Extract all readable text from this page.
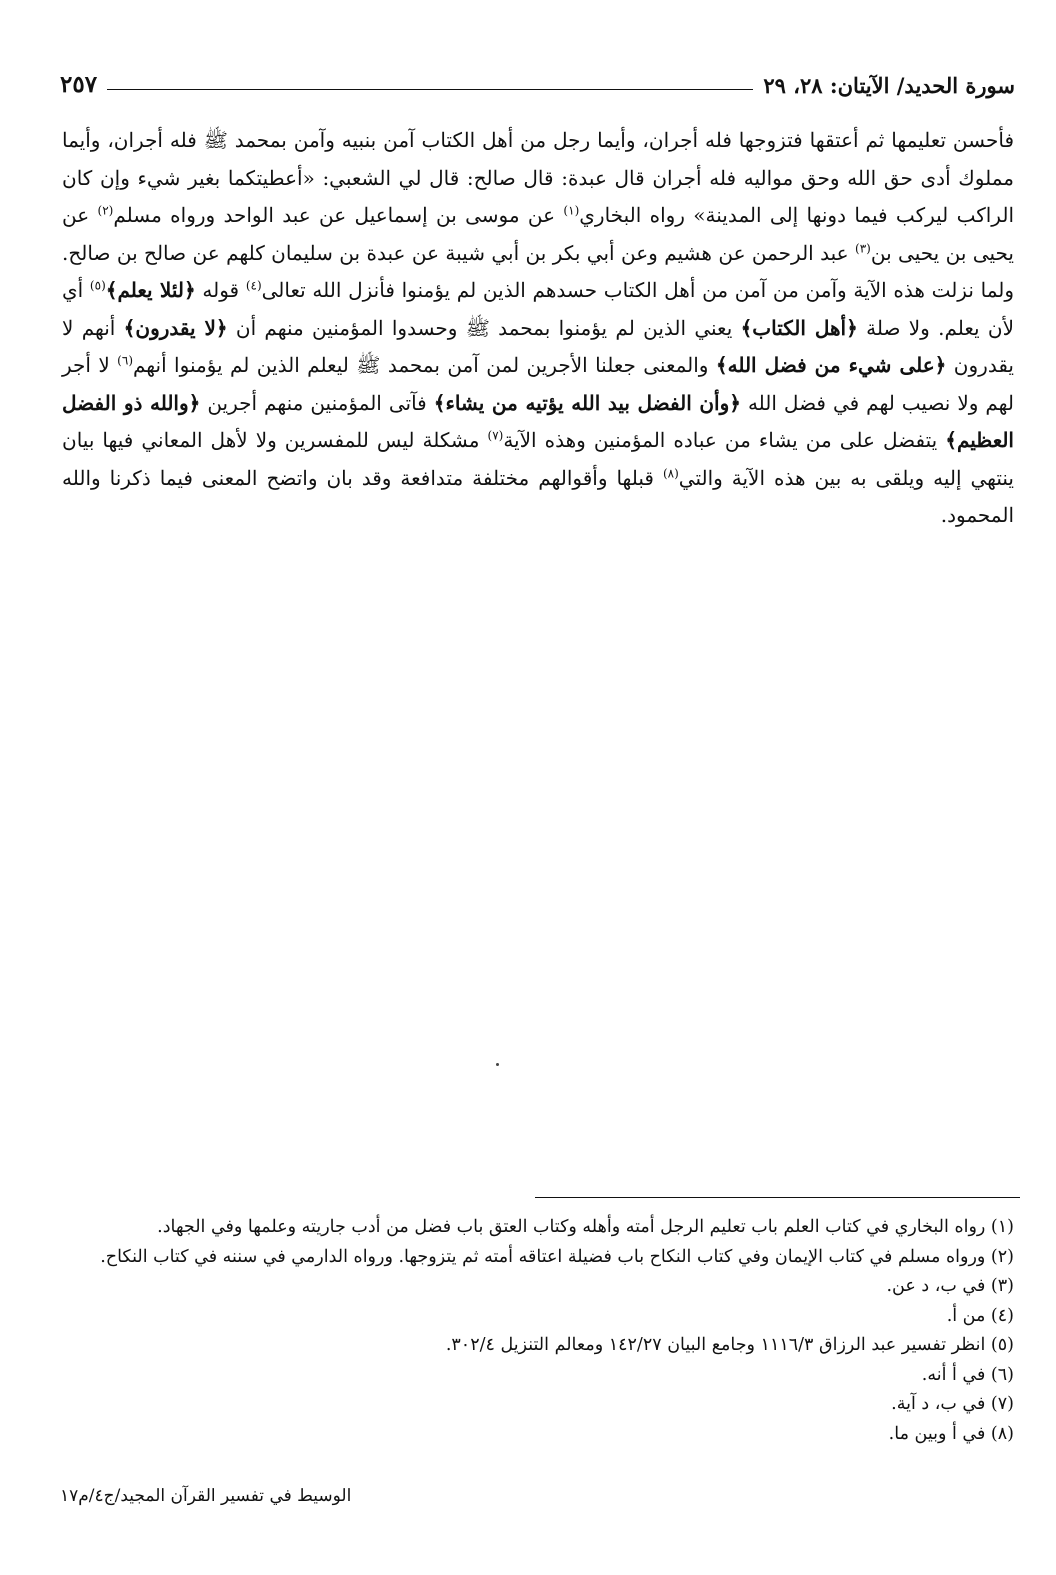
سورة الحديد/ الآيتان: ٢٨، ٢٩
٢٥٧

فأحسن تعليمها ثم أعتقها فتزوجها فله أجران، وأيما رجل من أهل الكتاب آمن بنبيه وآمن بمحمد ﷺ فله أجران، وأيما مملوك أدى حق الله وحق مواليه فله أجران قال عبدة: قال صالح: قال لي الشعبي: «أعطيتكما بغير شيء وإن كان الراكب ليركب فيما دونها إلى المدينة» رواه البخاري$^{(١)}$ عن موسى بن إسماعيل عن عبد الواحد ورواه مسلم$^{(٢)}$ عن يحيى بن يحيى بن$^{(٣)}$ عبد الرحمن عن هشيم وعن أبي بكر بن أبي شيبة عن عبدة بن سليمان كلهم عن صالح بن صالح. ولما نزلت هذه الآية وآمن من آمن من أهل الكتاب حسدهم الذين لم يؤمنوا فأنزل الله تعالى$^{(٤)}$ قوله ﴿لئلا يعلم﴾$^{(٥)}$ أي لأن يعلم. ولا صلة ﴿أهل الكتاب﴾ يعني الذين لم يؤمنوا بمحمد ﷺ وحسدوا المؤمنين منهم أن ﴿لا يقدرون﴾ أنهم لا يقدرون ﴿على شيء من فضل الله﴾ والمعنى جعلنا الأجرين لمن آمن بمحمد ﷺ ليعلم الذين لم يؤمنوا أنهم$^{(٦)}$ لا أجر لهم ولا نصيب لهم في فضل الله ﴿وأن الفضل بيد الله يؤتيه من يشاء﴾ فآتى المؤمنين منهم أجرين ﴿والله ذو الفضل العظيم﴾ يتفضل على من يشاء من عباده المؤمنين وهذه الآية$^{(٧)}$ مشكلة ليس للمفسرين ولا لأهل المعاني فيها بيان ينتهي إليه ويلقى به بين هذه الآية والتي$^{(٨)}$ قبلها وأقوالهم مختلفة متدافعة وقد بان واتضح المعنى فيما ذكرنا والله المحمود.

(١) رواه البخاري في كتاب العلم باب تعليم الرجل أمته وأهله وكتاب العتق باب فضل من أدب جاريته وعلمها وفي الجهاد.
(٢) ورواه مسلم في كتاب الإيمان وفي كتاب النكاح باب فضيلة اعتاقه أمته ثم يتزوجها. ورواه الدارمي في سننه في كتاب النكاح.
(٣) في ب، د عن.
(٤) من أ.
(٥) انظر تفسير عبد الرزاق ١١١٦/٣ وجامع البيان ١٤٢/٢٧ ومعالم التنزيل ٣٠٢/٤.
(٦) في أ أنه.
(٧) في ب، د آية.
(٨) في أ وبين ما.
الوسيط في تفسير القرآن المجيد/ج٤/م١٧
